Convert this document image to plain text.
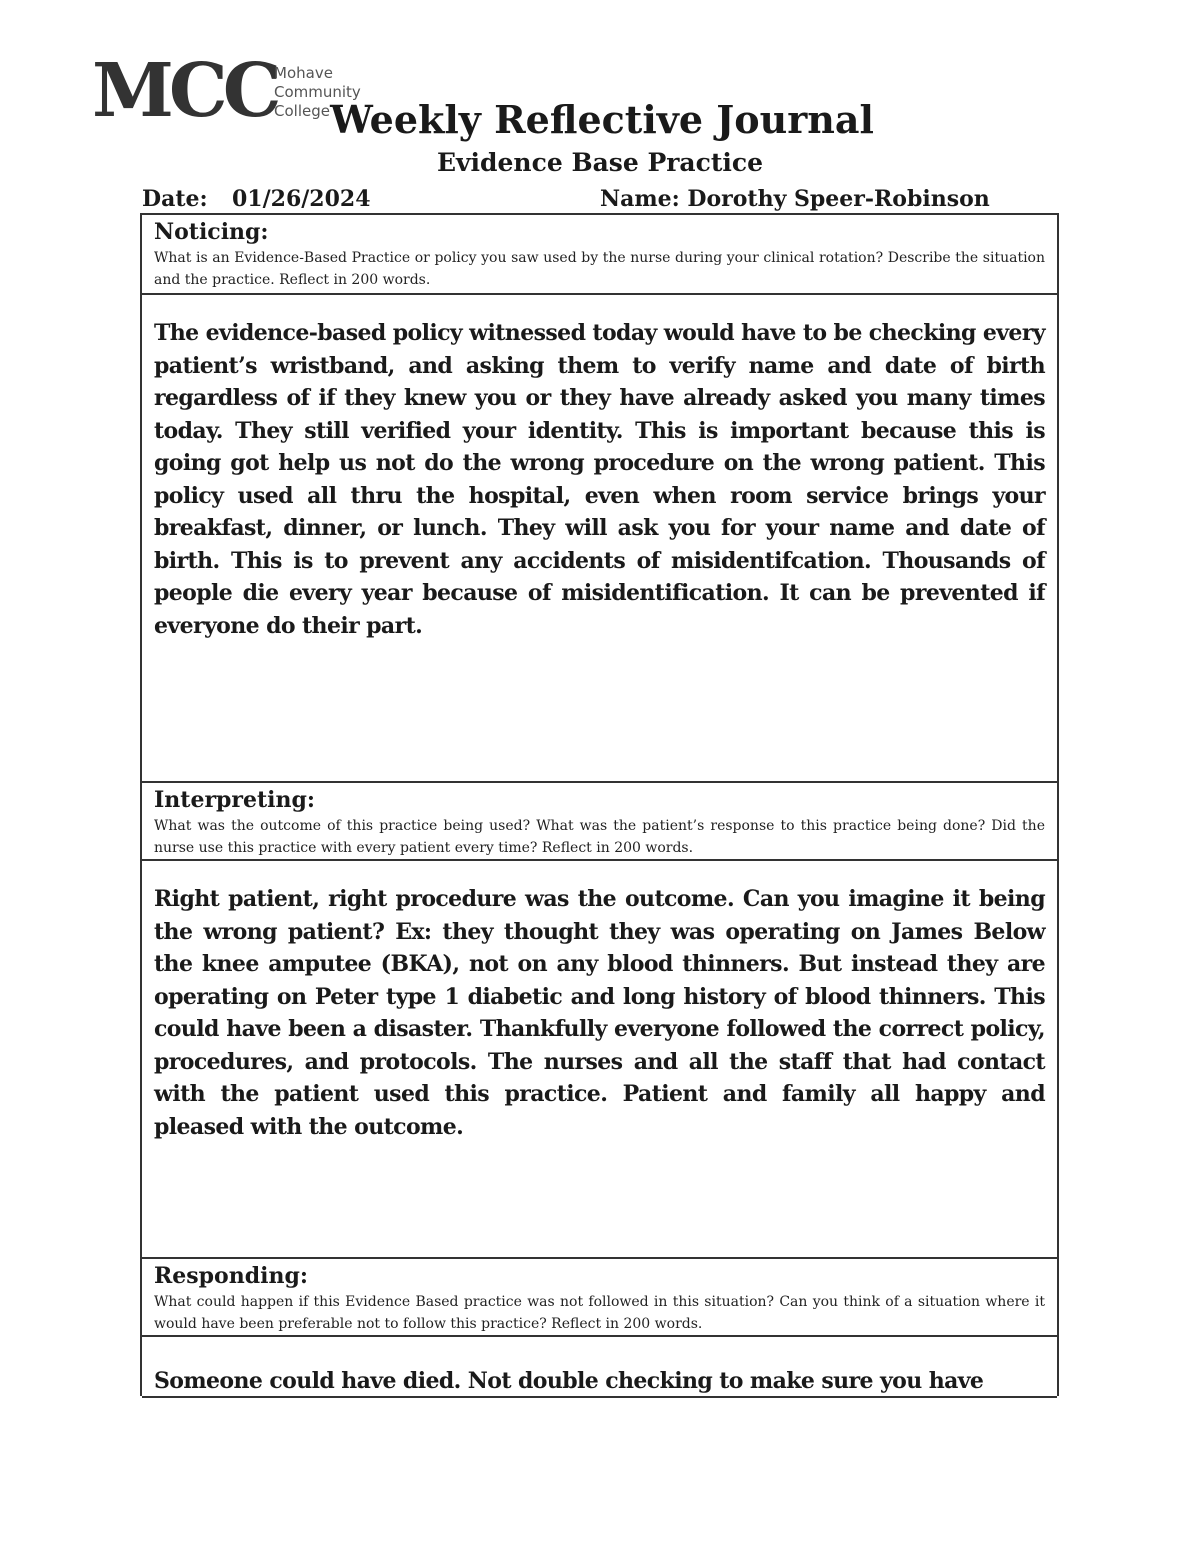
MCC
Mohave
Community
College Weekly Reflective Journal
Evidence Base Practice
Date: 01/26/2024	Name: Dorothy Speer-Robinson
Noticing:
What is an Evidence-Based Practice or policy you saw used by the nurse during your clinical rotation? Describe the situation and the practice. Reflect in 200 words.
The evidence-based policy witnessed today would have to be checking every patient’s wristband, and asking them to verify name and date of birth regardless of if they knew you or they have already asked you many times today. They still verified your identity. This is important because this is going got help us not do the wrong procedure on the wrong patient. This policy used all thru the hospital, even when room service brings your breakfast, dinner, or lunch. They will ask you for your name and date of birth. This is to prevent any accidents of misidentifcation. Thousands of people die every year because of misidentification. It can be prevented if everyone do their part.
Interpreting:
What was the outcome of this practice being used? What was the patient’s response to this practice being done? Did the nurse use this practice with every patient every time? Reflect in 200 words.
Right patient, right procedure was the outcome. Can you imagine it being the wrong patient? Ex: they thought they was operating on James Below the knee amputee (BKA), not on any blood thinners. But instead they are operating on Peter type 1 diabetic and long history of blood thinners. This could have been a disaster. Thankfully everyone followed the correct policy, procedures, and protocols. The nurses and all the staff that had contact with the patient used this practice. Patient and family all happy and pleased with the outcome.
Responding:
What could happen if this Evidence Based practice was not followed in this situation? Can you think of a situation where it would have been preferable not to follow this practice? Reflect in 200 words.
Someone could have died. Not double checking to make sure you have
